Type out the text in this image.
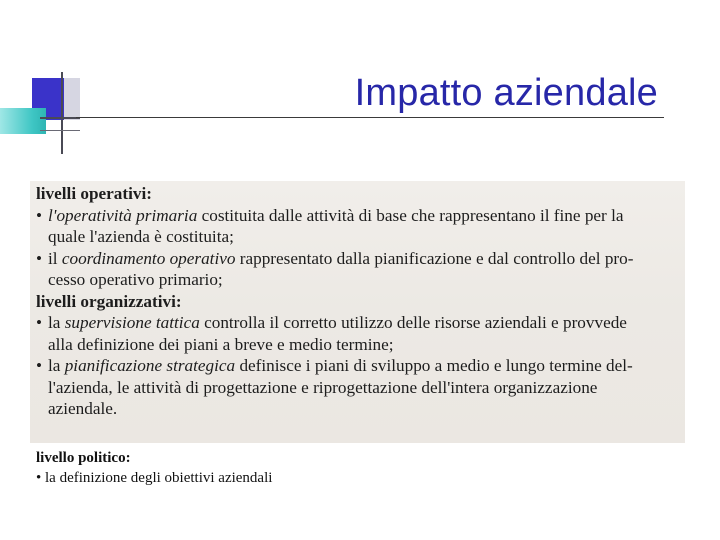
Impatto aziendale
livelli operativi:
• l'operatività primaria costituita dalle attività di base che rappresentano il fine per la
quale l'azienda è costituita;
• il coordinamento operativo rappresentato dalla pianificazione e dal controllo del pro-
cesso operativo primario;
livelli organizzativi:
• la supervisione tattica controlla il corretto utilizzo delle risorse aziendali e provvede
alla definizione dei piani a breve e medio termine;
• la pianificazione strategica definisce i piani di sviluppo a medio e lungo termine del-
l'azienda, le attività di progettazione e riprogettazione dell'intera organizzazione
aziendale.
livello politico:
• la definizione degli obiettivi aziendali
